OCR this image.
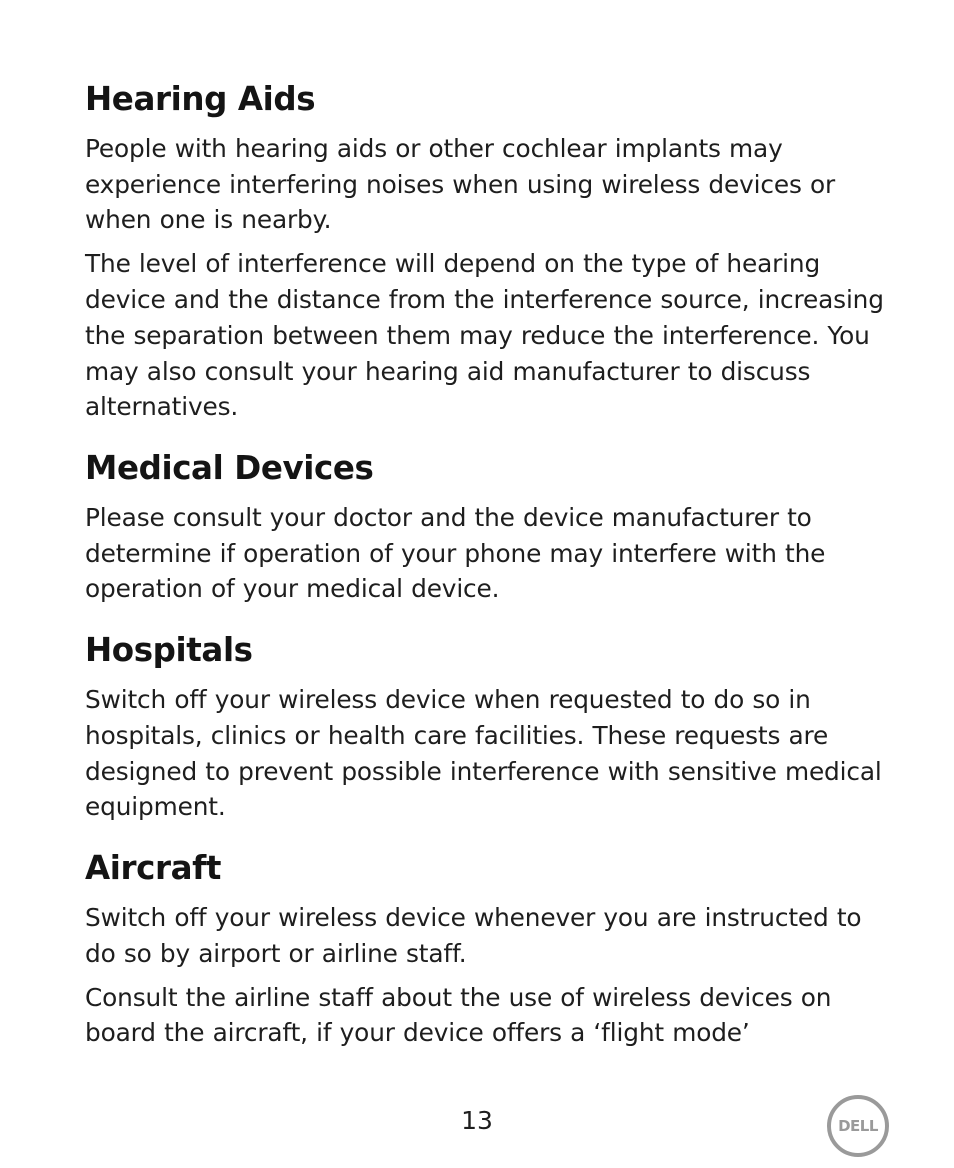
Hearing Aids

People with hearing aids or other cochlear implants may experience interfering noises when using wireless devices or when one is nearby.

The level of interference will depend on the type of hearing device and the distance from the interference source, increasing the separation between them may reduce the interference. You may also consult your hearing aid manufacturer to discuss alternatives.

Medical Devices

Please consult your doctor and the device manufacturer to determine if operation of your phone may interfere with the operation of your medical device.

Hospitals

Switch off your wireless device when requested to do so in hospitals, clinics or health care facilities. These requests are designed to prevent possible interference with sensitive medical equipment.

Aircraft

Switch off your wireless device whenever you are instructed to do so by airport or airline staff.

Consult the airline staff about the use of wireless devices on board the aircraft, if your device offers a ‘flight mode’

13	DELL
